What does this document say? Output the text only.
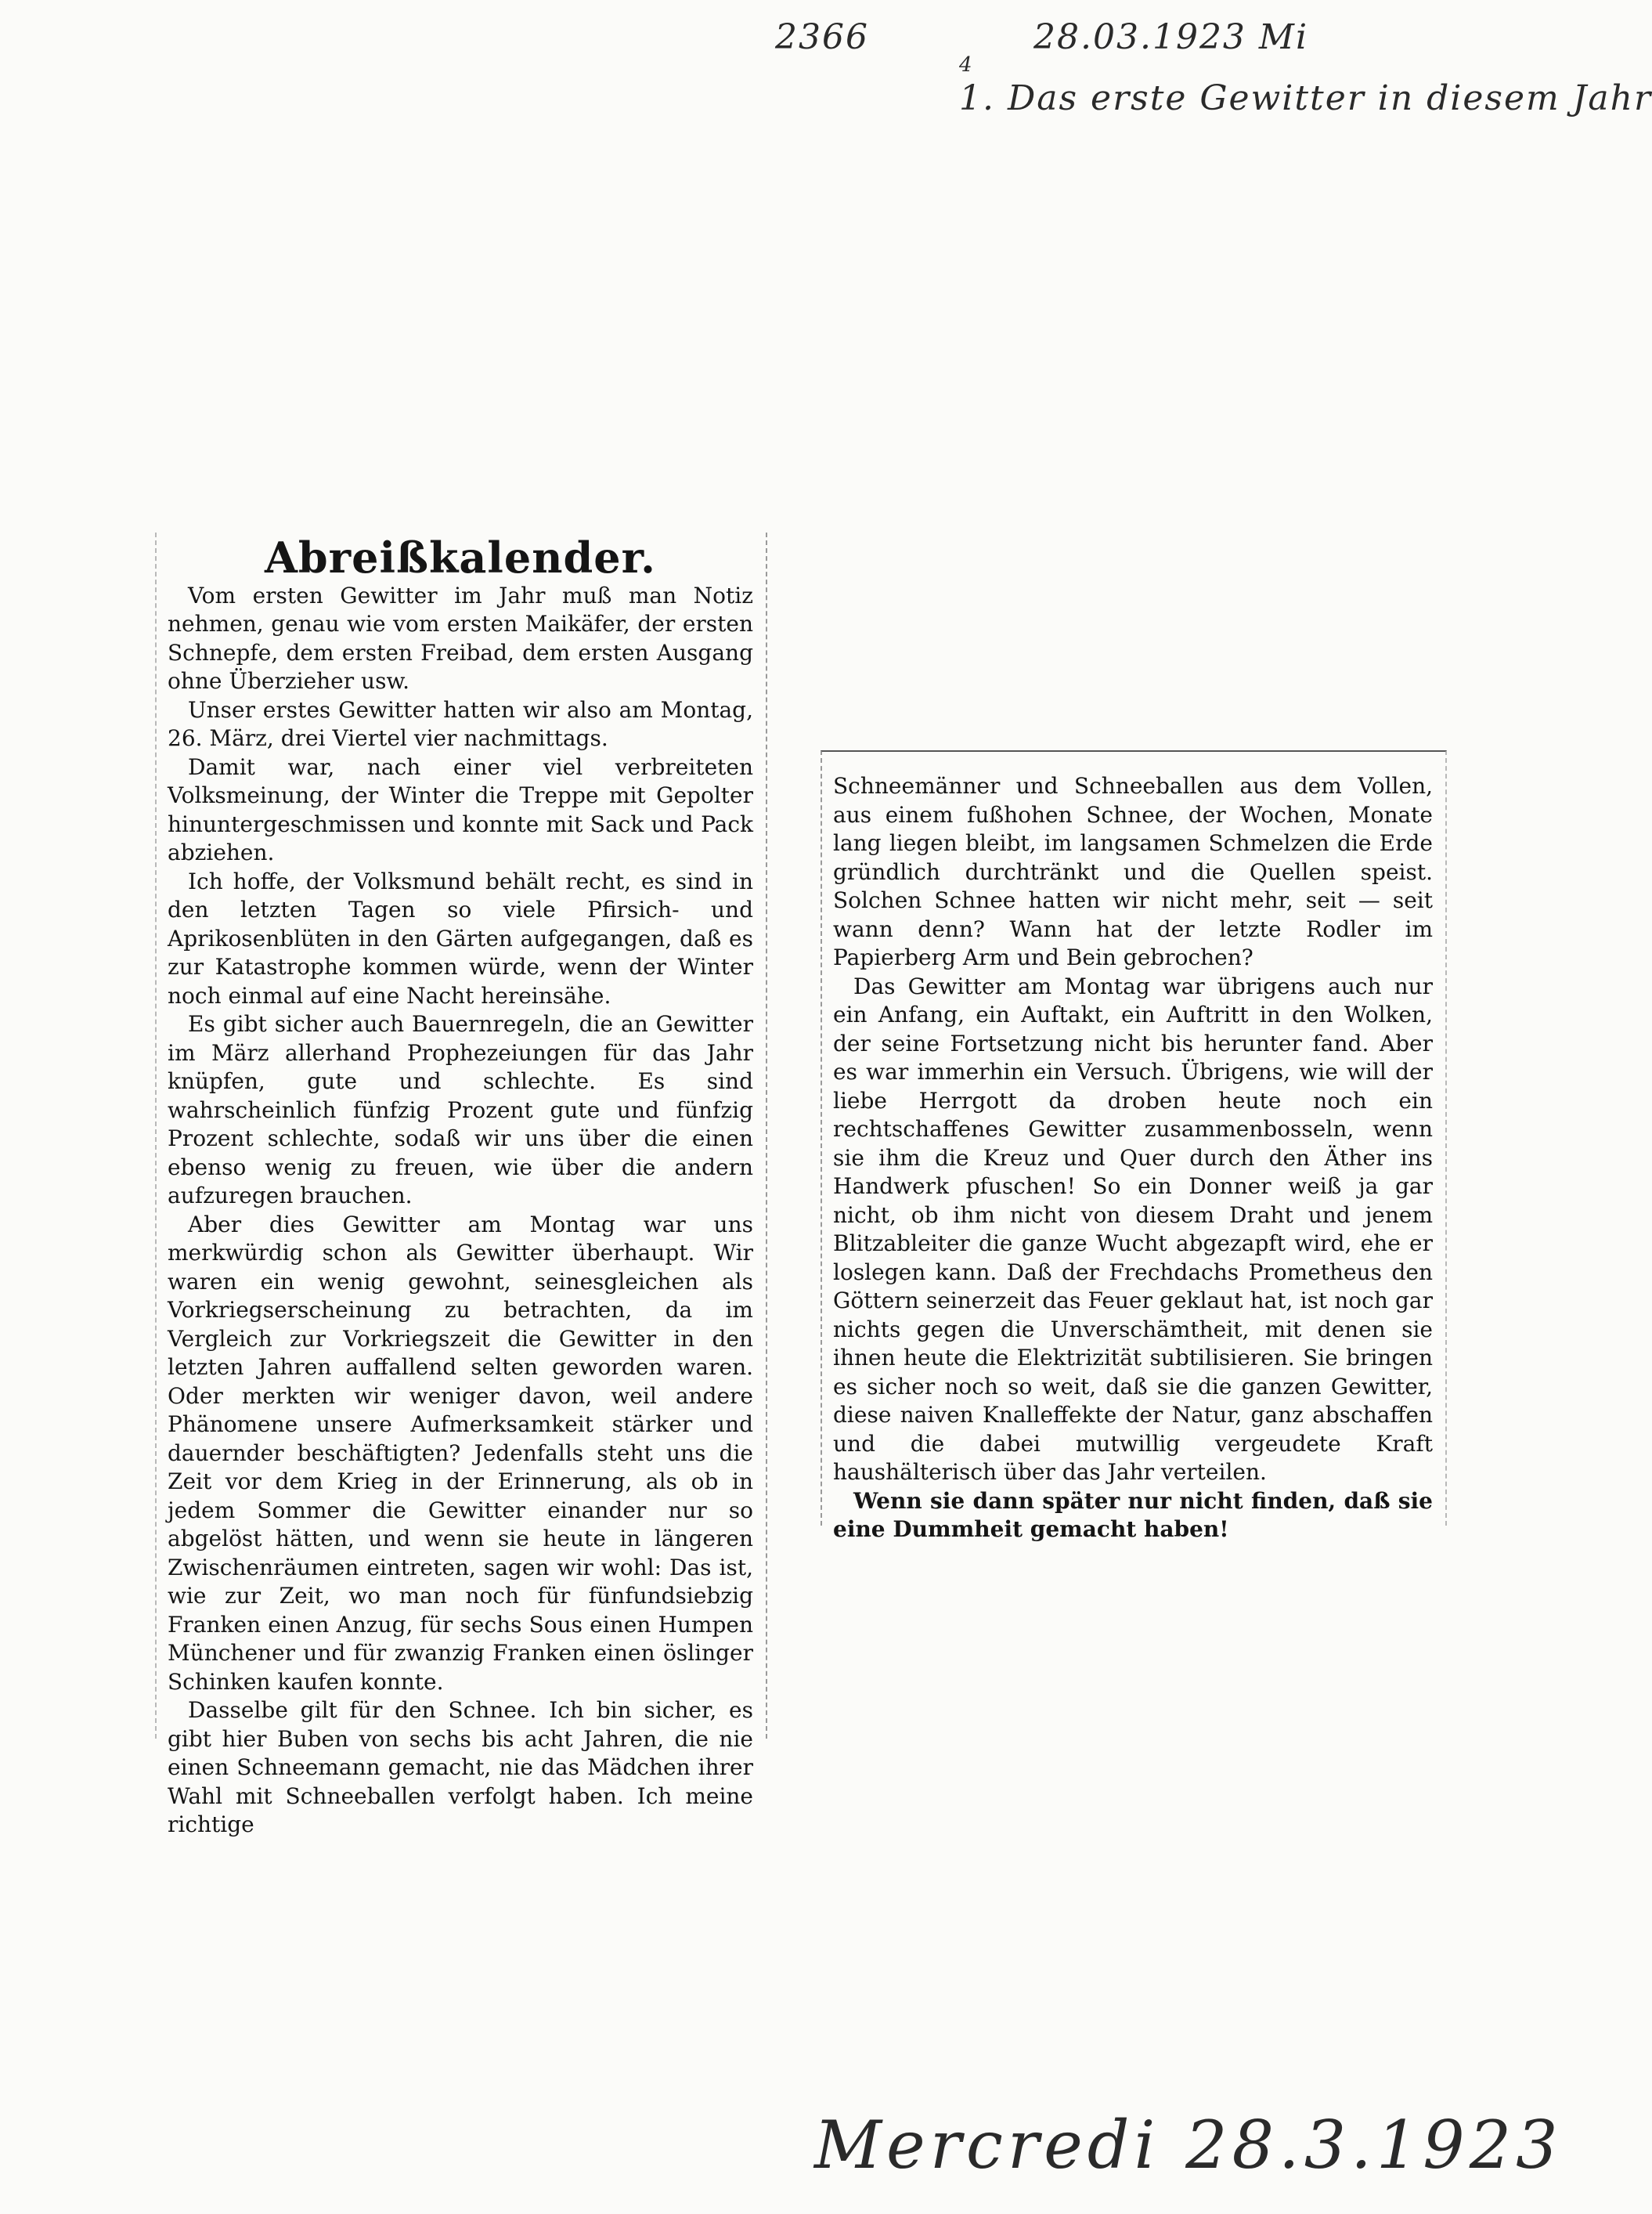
2366	28.03.1923 Mi
4
1. Das erste Gewitter in diesem Jahr
Abreißkalender.

Vom ersten Gewitter im Jahr muß man Notiz nehmen, genau wie vom ersten Maikäfer, der ersten Schnepfe, dem ersten Freibad, dem ersten Ausgang ohne Überzieher usw.

Unser erstes Gewitter hatten wir also am Montag, 26. März, drei Viertel vier nachmittags.

Damit war, nach einer viel verbreiteten Volksmeinung, der Winter die Treppe mit Gepolter hinuntergeschmissen und konnte mit Sack und Pack abziehen.

Ich hoffe, der Volksmund behält recht, es sind in den letzten Tagen so viele Pfirsich- und Aprikosenblüten in den Gärten aufgegangen, daß es zur Katastrophe kommen würde, wenn der Winter noch einmal auf eine Nacht hereinsähe.

Es gibt sicher auch Bauernregeln, die an Gewitter im März allerhand Prophezeiungen für das Jahr knüpfen, gute und schlechte. Es sind wahrscheinlich fünfzig Prozent gute und fünfzig Prozent schlechte, sodaß wir uns über die einen ebenso wenig zu freuen, wie über die andern aufzuregen brauchen.

Aber dies Gewitter am Montag war uns merkwürdig schon als Gewitter überhaupt. Wir waren ein wenig gewohnt, seinesgleichen als Vorkriegserscheinung zu betrachten, da im Vergleich zur Vorkriegszeit die Gewitter in den letzten Jahren auffallend selten geworden waren. Oder merkten wir weniger davon, weil andere Phänomene unsere Aufmerksamkeit stärker und dauernder beschäftigten? Jedenfalls steht uns die Zeit vor dem Krieg in der Erinnerung, als ob in jedem Sommer die Gewitter einander nur so abgelöst hätten, und wenn sie heute in längeren Zwischenräumen eintreten, sagen wir wohl: Das ist, wie zur Zeit, wo man noch für fünfundsiebzig Franken einen Anzug, für sechs Sous einen Humpen Münchener und für zwanzig Franken einen öslinger Schinken kaufen konnte.

Dasselbe gilt für den Schnee. Ich bin sicher, es gibt hier Buben von sechs bis acht Jahren, die nie einen Schneemann gemacht, nie das Mädchen ihrer Wahl mit Schneeballen verfolgt haben. Ich meine richtige

Schneemänner und Schneeballen aus dem Vollen, aus einem fußhohen Schnee, der Wochen, Monate lang liegen bleibt, im langsamen Schmelzen die Erde gründlich durchtränkt und die Quellen speist. Solchen Schnee hatten wir nicht mehr, seit — seit wann denn? Wann hat der letzte Rodler im Papierberg Arm und Bein gebrochen?

Das Gewitter am Montag war übrigens auch nur ein Anfang, ein Auftakt, ein Auftritt in den Wolken, der seine Fortsetzung nicht bis herunter fand. Aber es war immerhin ein Versuch. Übrigens, wie will der liebe Herrgott da droben heute noch ein rechtschaffenes Gewitter zusammenbosseln, wenn sie ihm die Kreuz und Quer durch den Äther ins Handwerk pfuschen! So ein Donner weiß ja gar nicht, ob ihm nicht von diesem Draht und jenem Blitzableiter die ganze Wucht abgezapft wird, ehe er loslegen kann. Daß der Frechdachs Prometheus den Göttern seinerzeit das Feuer geklaut hat, ist noch gar nichts gegen die Unverschämtheit, mit denen sie ihnen heute die Elektrizität subtilisieren. Sie bringen es sicher noch so weit, daß sie die ganzen Gewitter, diese naiven Knalleffekte der Natur, ganz abschaffen und die dabei mutwillig vergeudete Kraft haushälterisch über das Jahr verteilen.

Wenn sie dann später nur nicht finden, daß sie eine Dummheit gemacht haben!

Mercredi 28.3.1923
